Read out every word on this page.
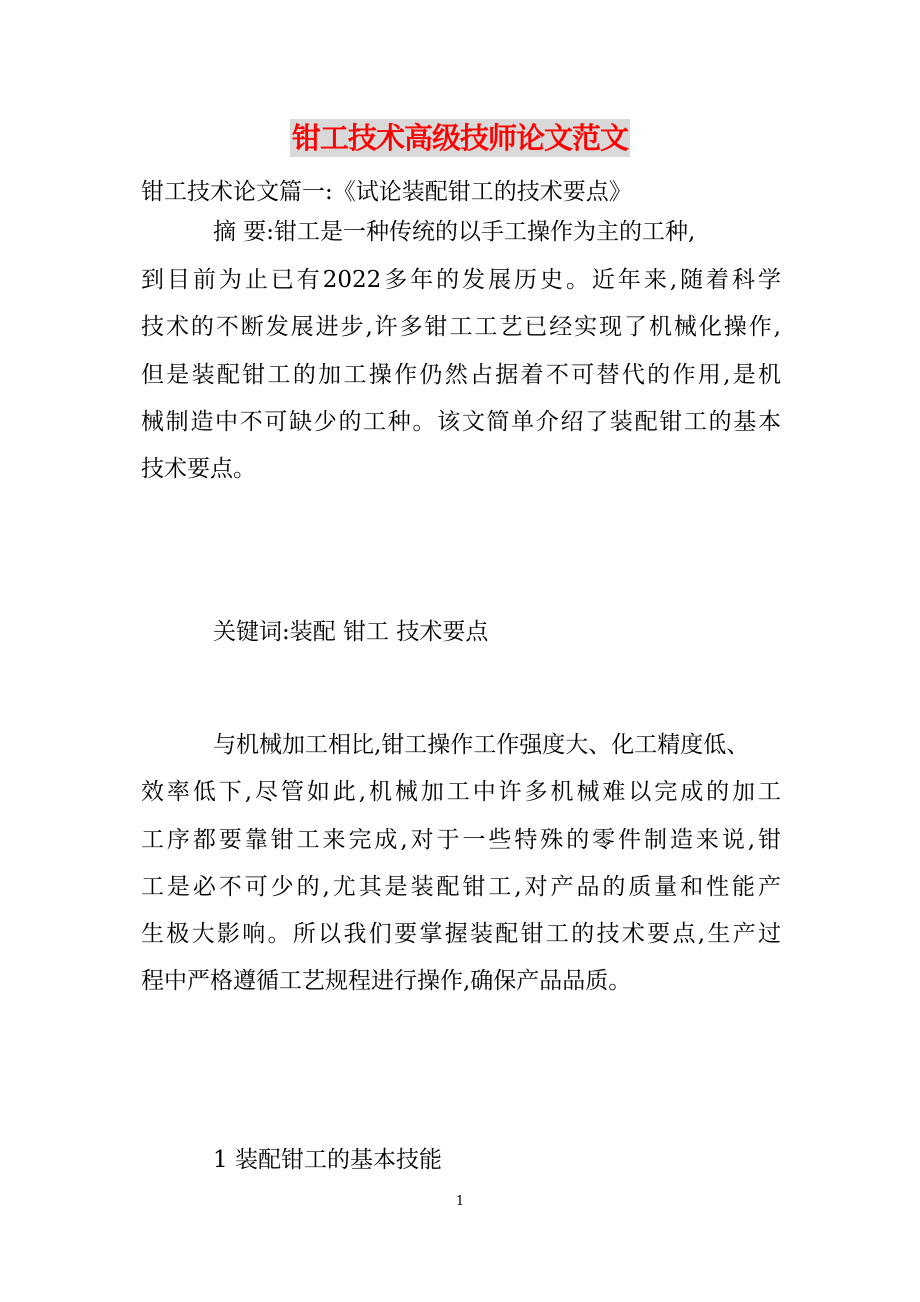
钳工技术高级技师论文范文
钳工技术论文篇一:《试论装配钳工的技术要点》
摘 要:钳工是一种传统的以手工操作为主的工种,
到目前为止已有2022多年的发展历史。近年来,随着科学
技术的不断发展进步,许多钳工工艺已经实现了机械化操作,
但是装配钳工的加工操作仍然占据着不可替代的作用,是机
械制造中不可缺少的工种。该文简单介绍了装配钳工的基本
技术要点。
关键词:装配 钳工 技术要点
与机械加工相比,钳工操作工作强度大、化工精度低、
效率低下,尽管如此,机械加工中许多机械难以完成的加工
工序都要靠钳工来完成,对于一些特殊的零件制造来说,钳
工是必不可少的,尤其是装配钳工,对产品的质量和性能产
生极大影响。所以我们要掌握装配钳工的技术要点,生产过
程中严格遵循工艺规程进行操作,确保产品品质。
1 装配钳工的基本技能
1
